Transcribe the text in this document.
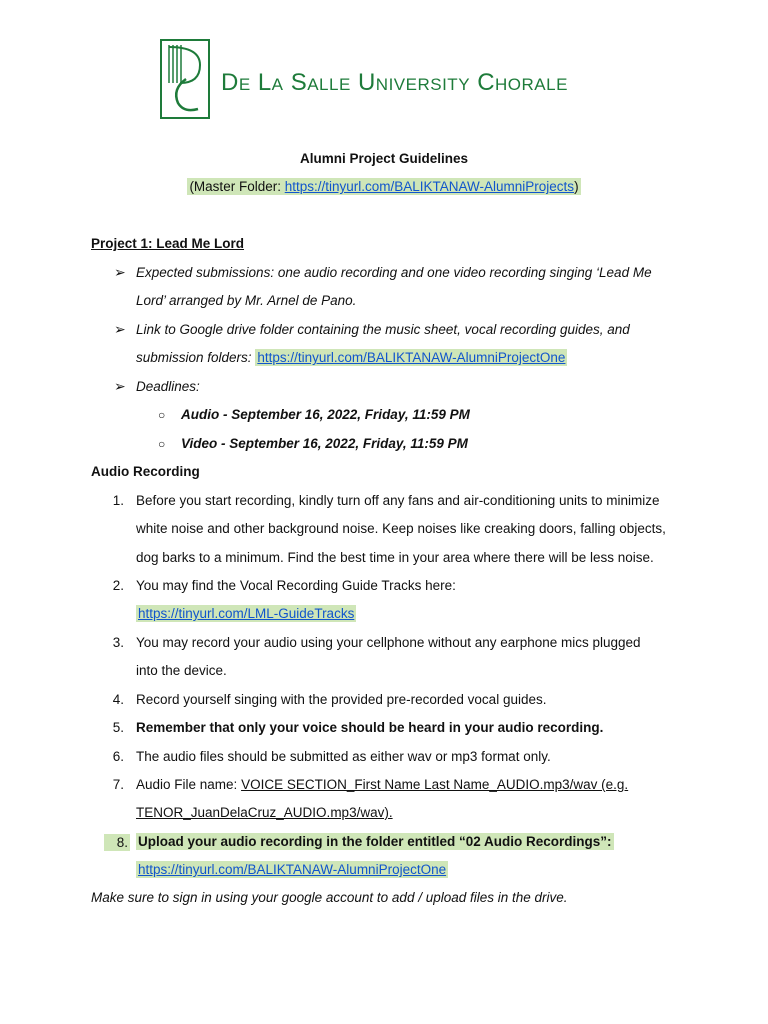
De La Salle University Chorale
Alumni Project Guidelines
(Master Folder: https://tinyurl.com/BALIKTANAW-AlumniProjects)
Project 1: Lead Me Lord
➢ Expected submissions: one audio recording and one video recording singing ‘Lead Me
Lord’ arranged by Mr. Arnel de Pano.
➢ Link to Google drive folder containing the music sheet, vocal recording guides, and
submission folders: https://tinyurl.com/BALIKTANAW-AlumniProjectOne
➢ Deadlines:
○ Audio - September 16, 2022, Friday, 11:59 PM
○ Video - September 16, 2022, Friday, 11:59 PM
Audio Recording
1. Before you start recording, kindly turn off any fans and air-conditioning units to minimize
white noise and other background noise. Keep noises like creaking doors, falling objects,
dog barks to a minimum. Find the best time in your area where there will be less noise.
2. You may find the Vocal Recording Guide Tracks here:
https://tinyurl.com/LML-GuideTracks
3. You may record your audio using your cellphone without any earphone mics plugged
into the device.
4. Record yourself singing with the provided pre-recorded vocal guides.
5. Remember that only your voice should be heard in your audio recording.
6. The audio files should be submitted as either wav or mp3 format only.
7. Audio File name: VOICE SECTION_First Name Last Name_AUDIO.mp3/wav (e.g.
TENOR_JuanDelaCruz_AUDIO.mp3/wav).
8. Upload your audio recording in the folder entitled “02 Audio Recordings”:
https://tinyurl.com/BALIKTANAW-AlumniProjectOne
Make sure to sign in using your google account to add / upload files in the drive.
